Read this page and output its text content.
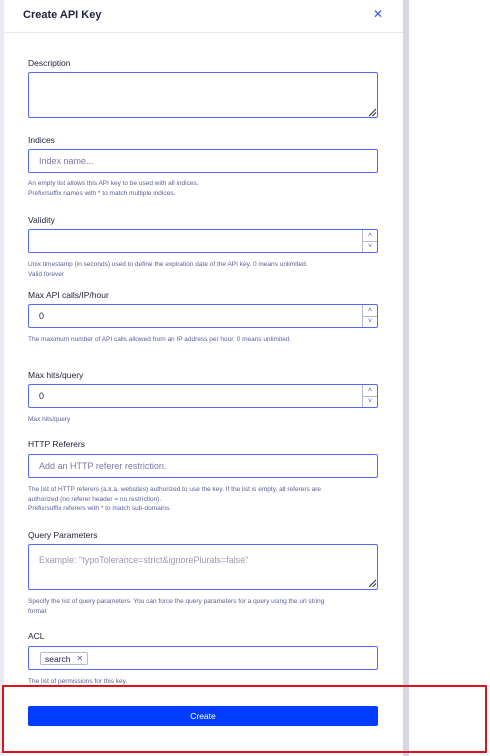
Create API Key	✕
Description
Indices
Index name...
An empty list allows this API key to be used with all indices.
Prefix/suffix names with * to match multiple indices.
Validity
˄
˅
Unix timestamp (in seconds) used to define the expiration date of the API key. 0 means unlimited.
Valid forever
Max API calls/IP/hour
0
˄
˅
The maximum number of API calls allowed from an IP address per hour. 0 means unlimited.
Max hits/query
0
˄
˅
Max hits/query
HTTP Referers
Add an HTTP referer restriction.
The list of HTTP referers (a.k.a. websites) authorized to use the key. If the list is empty, all referers are
authorized (no referer header = no restriction).
Prefix/suffix referers with * to match sub-domains.
Query Parameters
Example: "typoTolerance=strict&ignorePlurals=false"
Specify the list of query parameters. You can force the query parameters for a query using the url string
format
ACL
search ✕
The list of permissions for this key.
Create
